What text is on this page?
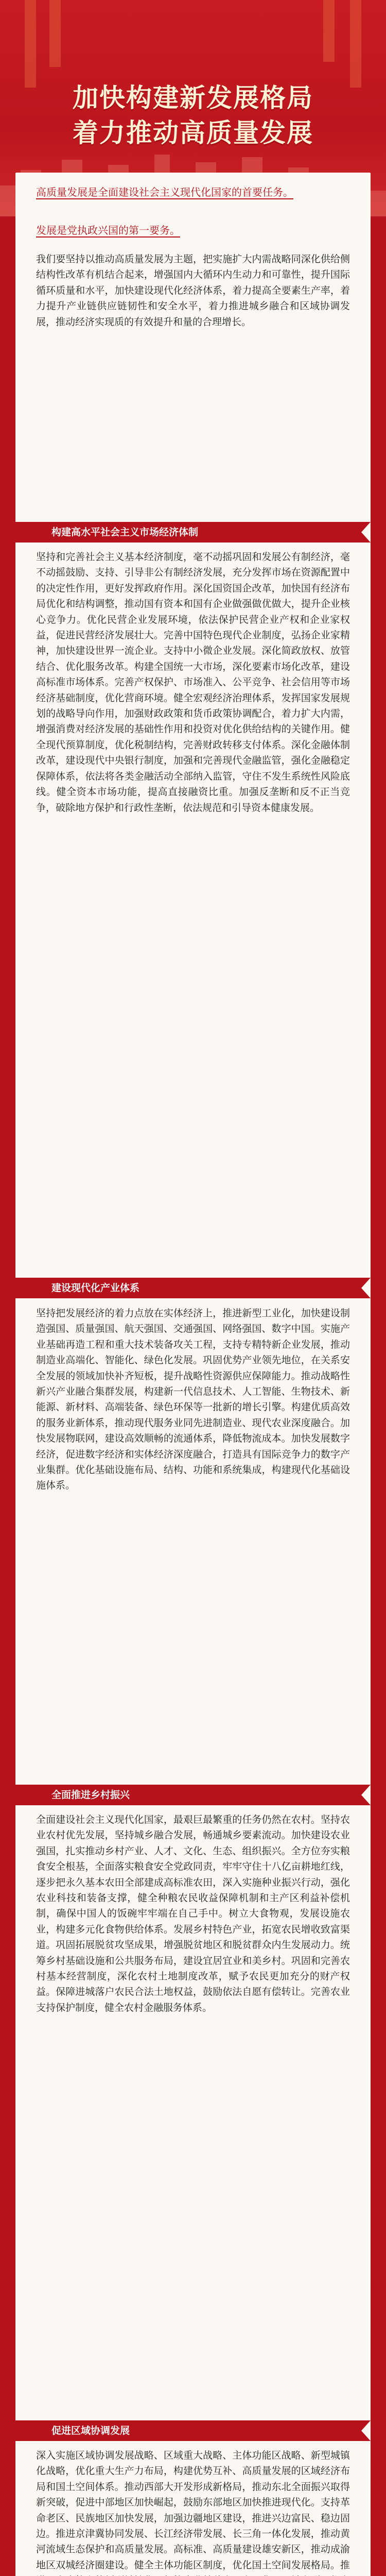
加快构建新发展格局
着力推动高质量发展

高质量发展是全面建设社会主义现代化国家的首要任务。

发展是党执政兴国的第一要务。

我们要坚持以推动高质量发展为主题，把实施扩大内需战略同深化供给侧结构性改革有机结合起来，增强国内大循环内生动力和可靠性，提升国际循环质量和水平，加快建设现代化经济体系，着力提高全要素生产率，着力提升产业链供应链韧性和安全水平，着力推进城乡融合和区域协调发展，推动经济实现质的有效提升和量的合理增长。

构建高水平社会主义市场经济体制

坚持和完善社会主义基本经济制度，毫不动摇巩固和发展公有制经济，毫不动摇鼓励、支持、引导非公有制经济发展，充分发挥市场在资源配置中的决定性作用，更好发挥政府作用。深化国资国企改革，加快国有经济布局优化和结构调整，推动国有资本和国有企业做强做优做大，提升企业核心竞争力。优化民营企业发展环境，依法保护民营企业产权和企业家权益，促进民营经济发展壮大。完善中国特色现代企业制度，弘扬企业家精神，加快建设世界一流企业。支持中小微企业发展。深化简政放权、放管结合、优化服务改革。构建全国统一大市场，深化要素市场化改革，建设高标准市场体系。完善产权保护、市场准入、公平竞争、社会信用等市场经济基础制度，优化营商环境。健全宏观经济治理体系，发挥国家发展规划的战略导向作用，加强财政政策和货币政策协调配合，着力扩大内需，增强消费对经济发展的基础性作用和投资对优化供给结构的关键作用。健全现代预算制度，优化税制结构，完善财政转移支付体系。深化金融体制改革，建设现代中央银行制度，加强和完善现代金融监管，强化金融稳定保障体系，依法将各类金融活动全部纳入监管，守住不发生系统性风险底线。健全资本市场功能，提高直接融资比重。加强反垄断和反不正当竞争，破除地方保护和行政性垄断，依法规范和引导资本健康发展。

建设现代化产业体系

坚持把发展经济的着力点放在实体经济上，推进新型工业化，加快建设制造强国、质量强国、航天强国、交通强国、网络强国、数字中国。实施产业基础再造工程和重大技术装备攻关工程，支持专精特新企业发展，推动制造业高端化、智能化、绿色化发展。巩固优势产业领先地位，在关系安全发展的领域加快补齐短板，提升战略性资源供应保障能力。推动战略性新兴产业融合集群发展，构建新一代信息技术、人工智能、生物技术、新能源、新材料、高端装备、绿色环保等一批新的增长引擎。构建优质高效的服务业新体系，推动现代服务业同先进制造业、现代农业深度融合。加快发展物联网，建设高效顺畅的流通体系，降低物流成本。加快发展数字经济，促进数字经济和实体经济深度融合，打造具有国际竞争力的数字产业集群。优化基础设施布局、结构、功能和系统集成，构建现代化基础设施体系。

全面推进乡村振兴

全面建设社会主义现代化国家，最艰巨最繁重的任务仍然在农村。坚持农业农村优先发展，坚持城乡融合发展，畅通城乡要素流动。加快建设农业强国，扎实推动乡村产业、人才、文化、生态、组织振兴。全方位夯实粮食安全根基，全面落实粮食安全党政同责，牢牢守住十八亿亩耕地红线，逐步把永久基本农田全部建成高标准农田，深入实施种业振兴行动，强化农业科技和装备支撑，健全种粮农民收益保障机制和主产区利益补偿机制，确保中国人的饭碗牢牢端在自己手中。树立大食物观，发展设施农业，构建多元化食物供给体系。发展乡村特色产业，拓宽农民增收致富渠道。巩固拓展脱贫攻坚成果，增强脱贫地区和脱贫群众内生发展动力。统筹乡村基础设施和公共服务布局，建设宜居宜业和美乡村。巩固和完善农村基本经营制度，深化农村土地制度改革，赋予农民更加充分的财产权益。保障进城落户农民合法土地权益，鼓励依法自愿有偿转让。完善农业支持保护制度，健全农村金融服务体系。

促进区域协调发展

深入实施区域协调发展战略、区域重大战略、主体功能区战略、新型城镇化战略，优化重大生产力布局，构建优势互补、高质量发展的区域经济布局和国土空间体系。推动西部大开发形成新格局，推动东北全面振兴取得新突破，促进中部地区加快崛起，鼓励东部地区加快推进现代化。支持革命老区、民族地区加快发展，加强边疆地区建设，推进兴边富民、稳边固边。推进京津冀协同发展、长江经济带发展、长三角一体化发展，推动黄河流域生态保护和高质量发展。高标准、高质量建设雄安新区，推动成渝地区双城经济圈建设。健全主体功能区制度，优化国土空间发展格局。推
